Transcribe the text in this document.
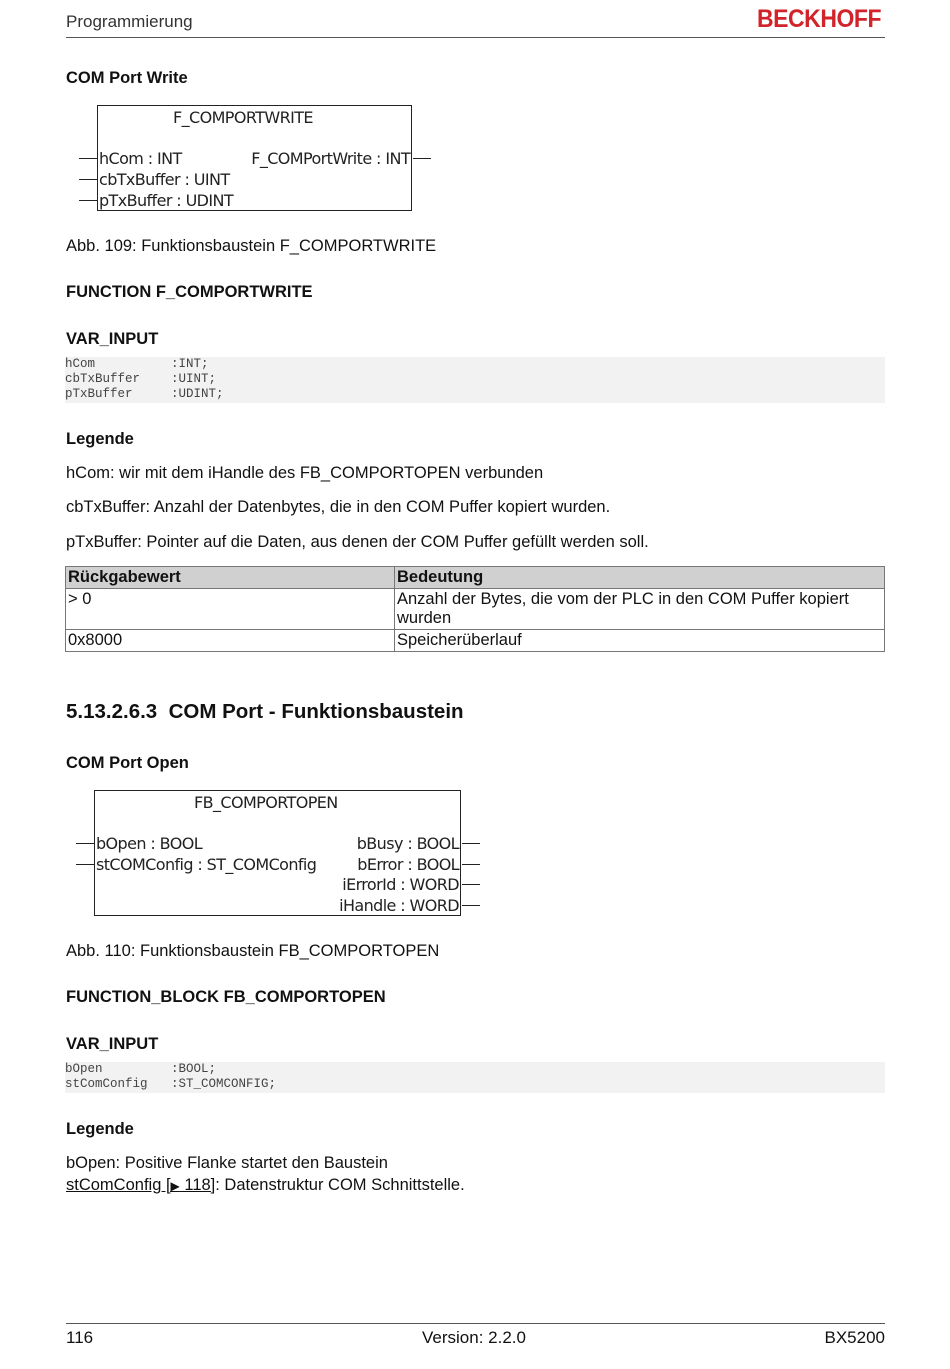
Programmierung	BECKHOFF
COM Port Write
F_COMPORTWRITE
hCom : INT
cbTxBuffer : UINT
pTxBuffer : UDINT
F_COMPortWrite : INT
Abb. 109: Funktionsbaustein F_COMPORTWRITE
FUNCTION F_COMPORTWRITE
VAR_INPUT
hCom	:INT;
cbTxBuffer :UINT;
pTxBuffer	:UDINT;
Legende
hCom: wir mit dem iHandle des FB_COMPORTOPEN verbunden
cbTxBuffer: Anzahl der Datenbytes, die in den COM Puffer kopiert wurden.
pTxBuffer: Pointer auf die Daten, aus denen der COM Puffer gefüllt werden soll.
Rückgabewert	Bedeutung
> 0	Anzahl der Bytes, die vom der PLC in den COM Puffer kopiert wurden
0x8000	Speicherüberlauf
5.13.2.6.3  COM Port - Funktionsbaustein
COM Port Open
FB_COMPORTOPEN
bOpen : BOOL
stCOMConfig : ST_COMConfig
bBusy : BOOL
bError : BOOL
iErrorId : WORD
iHandle : WORD
Abb. 110: Funktionsbaustein FB_COMPORTOPEN
FUNCTION_BLOCK FB_COMPORTOPEN
VAR_INPUT
bOpen	:BOOL;
stComConfig :ST_COMCONFIG;
Legende
bOpen: Positive Flanke startet den Baustein
stComConfig [▶ 118]: Datenstruktur COM Schnittstelle.
116	Version: 2.2.0	BX5200
